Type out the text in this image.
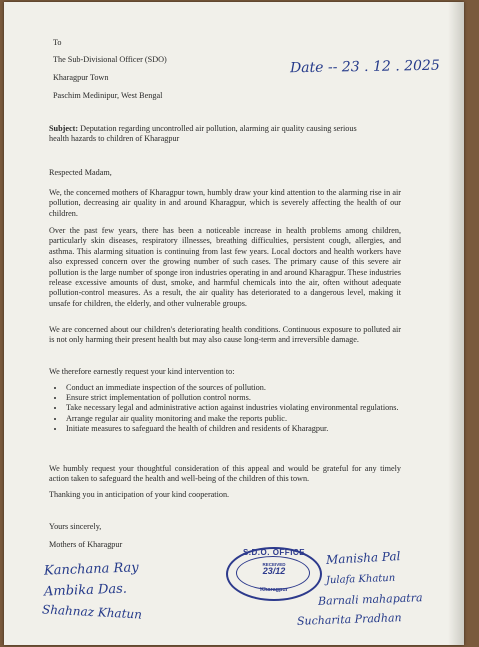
To
The Sub-Divisional Officer (SDO)
Kharagpur Town
Paschim Medinipur, West Bengal
Date -- 23 . 12 . 2025
Subject: Deputation regarding uncontrolled air pollution, alarming air quality causing serious
health hazards to children of Kharagpur
Respected Madam,
We, the concerned mothers of Kharagpur town, humbly draw your kind attention to the alarming rise in air pollution, decreasing air quality in and around Kharagpur, which is severely affecting the health of our children.
Over the past few years, there has been a noticeable increase in health problems among children, particularly skin diseases, respiratory illnesses, breathing difficulties, persistent cough, allergies, and asthma. This alarming situation is continuing from last few years. Local doctors and health workers have also expressed concern over the growing number of such cases. The primary cause of this severe air pollution is the large number of sponge iron industries operating in and around Kharagpur. These industries release excessive amounts of dust, smoke, and harmful chemicals into the air, often without adequate pollution-control measures. As a result, the air quality has deteriorated to a dangerous level, making it unsafe for children, the elderly, and other vulnerable groups.
We are concerned about our children's deteriorating health conditions. Continuous exposure to polluted air is not only harming their present health but may also cause long-term and irreversible damage.
We therefore earnestly request your kind intervention to:
• Conduct an immediate inspection of the sources of pollution.
• Ensure strict implementation of pollution control norms.
• Take necessary legal and administrative action against industries violating environmental regulations.
• Arrange regular air quality monitoring and make the reports public.
• Initiate measures to safeguard the health of children and residents of Kharagpur.
We humbly request your thoughtful consideration of this appeal and would be grateful for any timely action taken to safeguard the health and well-being of the children of this town.
Thanking you in anticipation of your kind cooperation.
Yours sincerely,
Mothers of Kharagpur
Kanchana Ray
Ambika Das.
Shahnaz Khatun
S.D.O. OFFICE
RECEIVED
23/12
Kharagpur
Manisha Pal
Julafa Khatun
Barnali mahapatra
Sucharita Pradhan
